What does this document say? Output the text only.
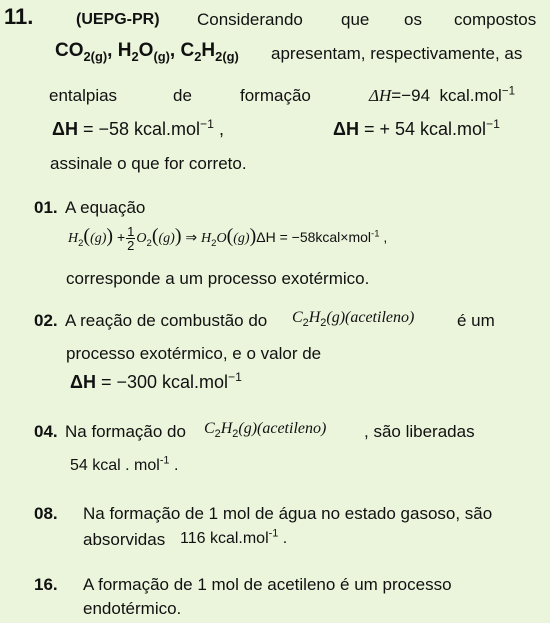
11.	(UEPG-PR) Considerando que os compostos
$CO_{2(g)}$, $H_2O_{(g)}$, $C_2H_{2(g)}$ apresentam, respectivamente, as
entalpias	de	formação	ΔH=−94 kcal.mol$^{-1}$
ΔH = −58 kcal.mol$^{-1}$ ,	ΔH = + 54 kcal.mol$^{-1}$
assinale o que for correto.
01. A equação
$H_2((g)) + \frac{1}{2} O_2((g))$ ⇒ $H_2O((g))\Delta H$ = −58kcal×mol$^{-1}$ ,
corresponde a um processo exotérmico.
02. A reação de combustão do $C_2H_2(g)(acetileno)$	é um
processo exotérmico, e o valor de
ΔH = −300 kcal.mol$^{-1}$
04. Na formação do $C_2H_2(g)(acetileno)$ , são liberadas
54 kcal . mol$^{-1}$ .
08. Na formação de 1 mol de água no estado gasoso, são
absorvidas 116 kcal.mol$^{-1}$ .
16. A formação de 1 mol de acetileno é um processo
endotérmico.
